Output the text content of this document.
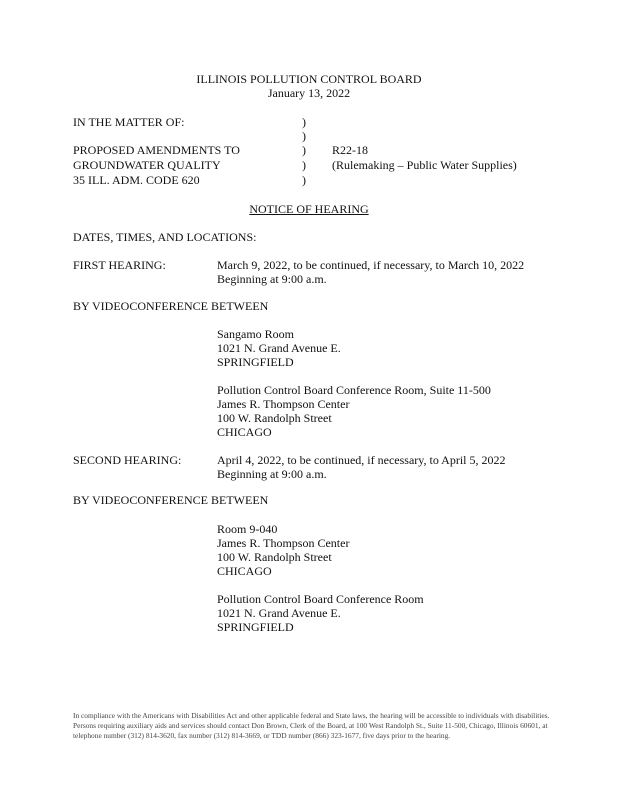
ILLINOIS POLLUTION CONTROL BOARD
January 13, 2022
IN THE MATTER OF:
PROPOSED AMENDMENTS TO
GROUNDWATER QUALITY
35 ILL. ADM. CODE 620
)
)
)
)
)
R22-18
(Rulemaking – Public Water Supplies)
NOTICE OF HEARING
DATES, TIMES, AND LOCATIONS:
FIRST HEARING:	March 9, 2022, to be continued, if necessary, to March 10, 2022
Beginning at 9:00 a.m.
BY VIDEOCONFERENCE BETWEEN
Sangamo Room
1021 N. Grand Avenue E.
SPRINGFIELD
Pollution Control Board Conference Room, Suite 11-500
James R. Thompson Center
100 W. Randolph Street
CHICAGO
SECOND HEARING:	April 4, 2022, to be continued, if necessary, to April 5, 2022
Beginning at 9:00 a.m.
BY VIDEOCONFERENCE BETWEEN
Room 9-040
James R. Thompson Center
100 W. Randolph Street
CHICAGO
Pollution Control Board Conference Room
1021 N. Grand Avenue E.
SPRINGFIELD
In compliance with the Americans with Disabilities Act and other applicable federal and State laws, the hearing will be accessible to individuals with disabilities. Persons requiring auxiliary aids and services should contact Don Brown, Clerk of the Board, at 100 West Randolph St., Suite 11-500, Chicago, Illinois 60601, at telephone number (312) 814-3620, fax number (312) 814-3669, or TDD number (866) 323-1677, five days prior to the hearing.
